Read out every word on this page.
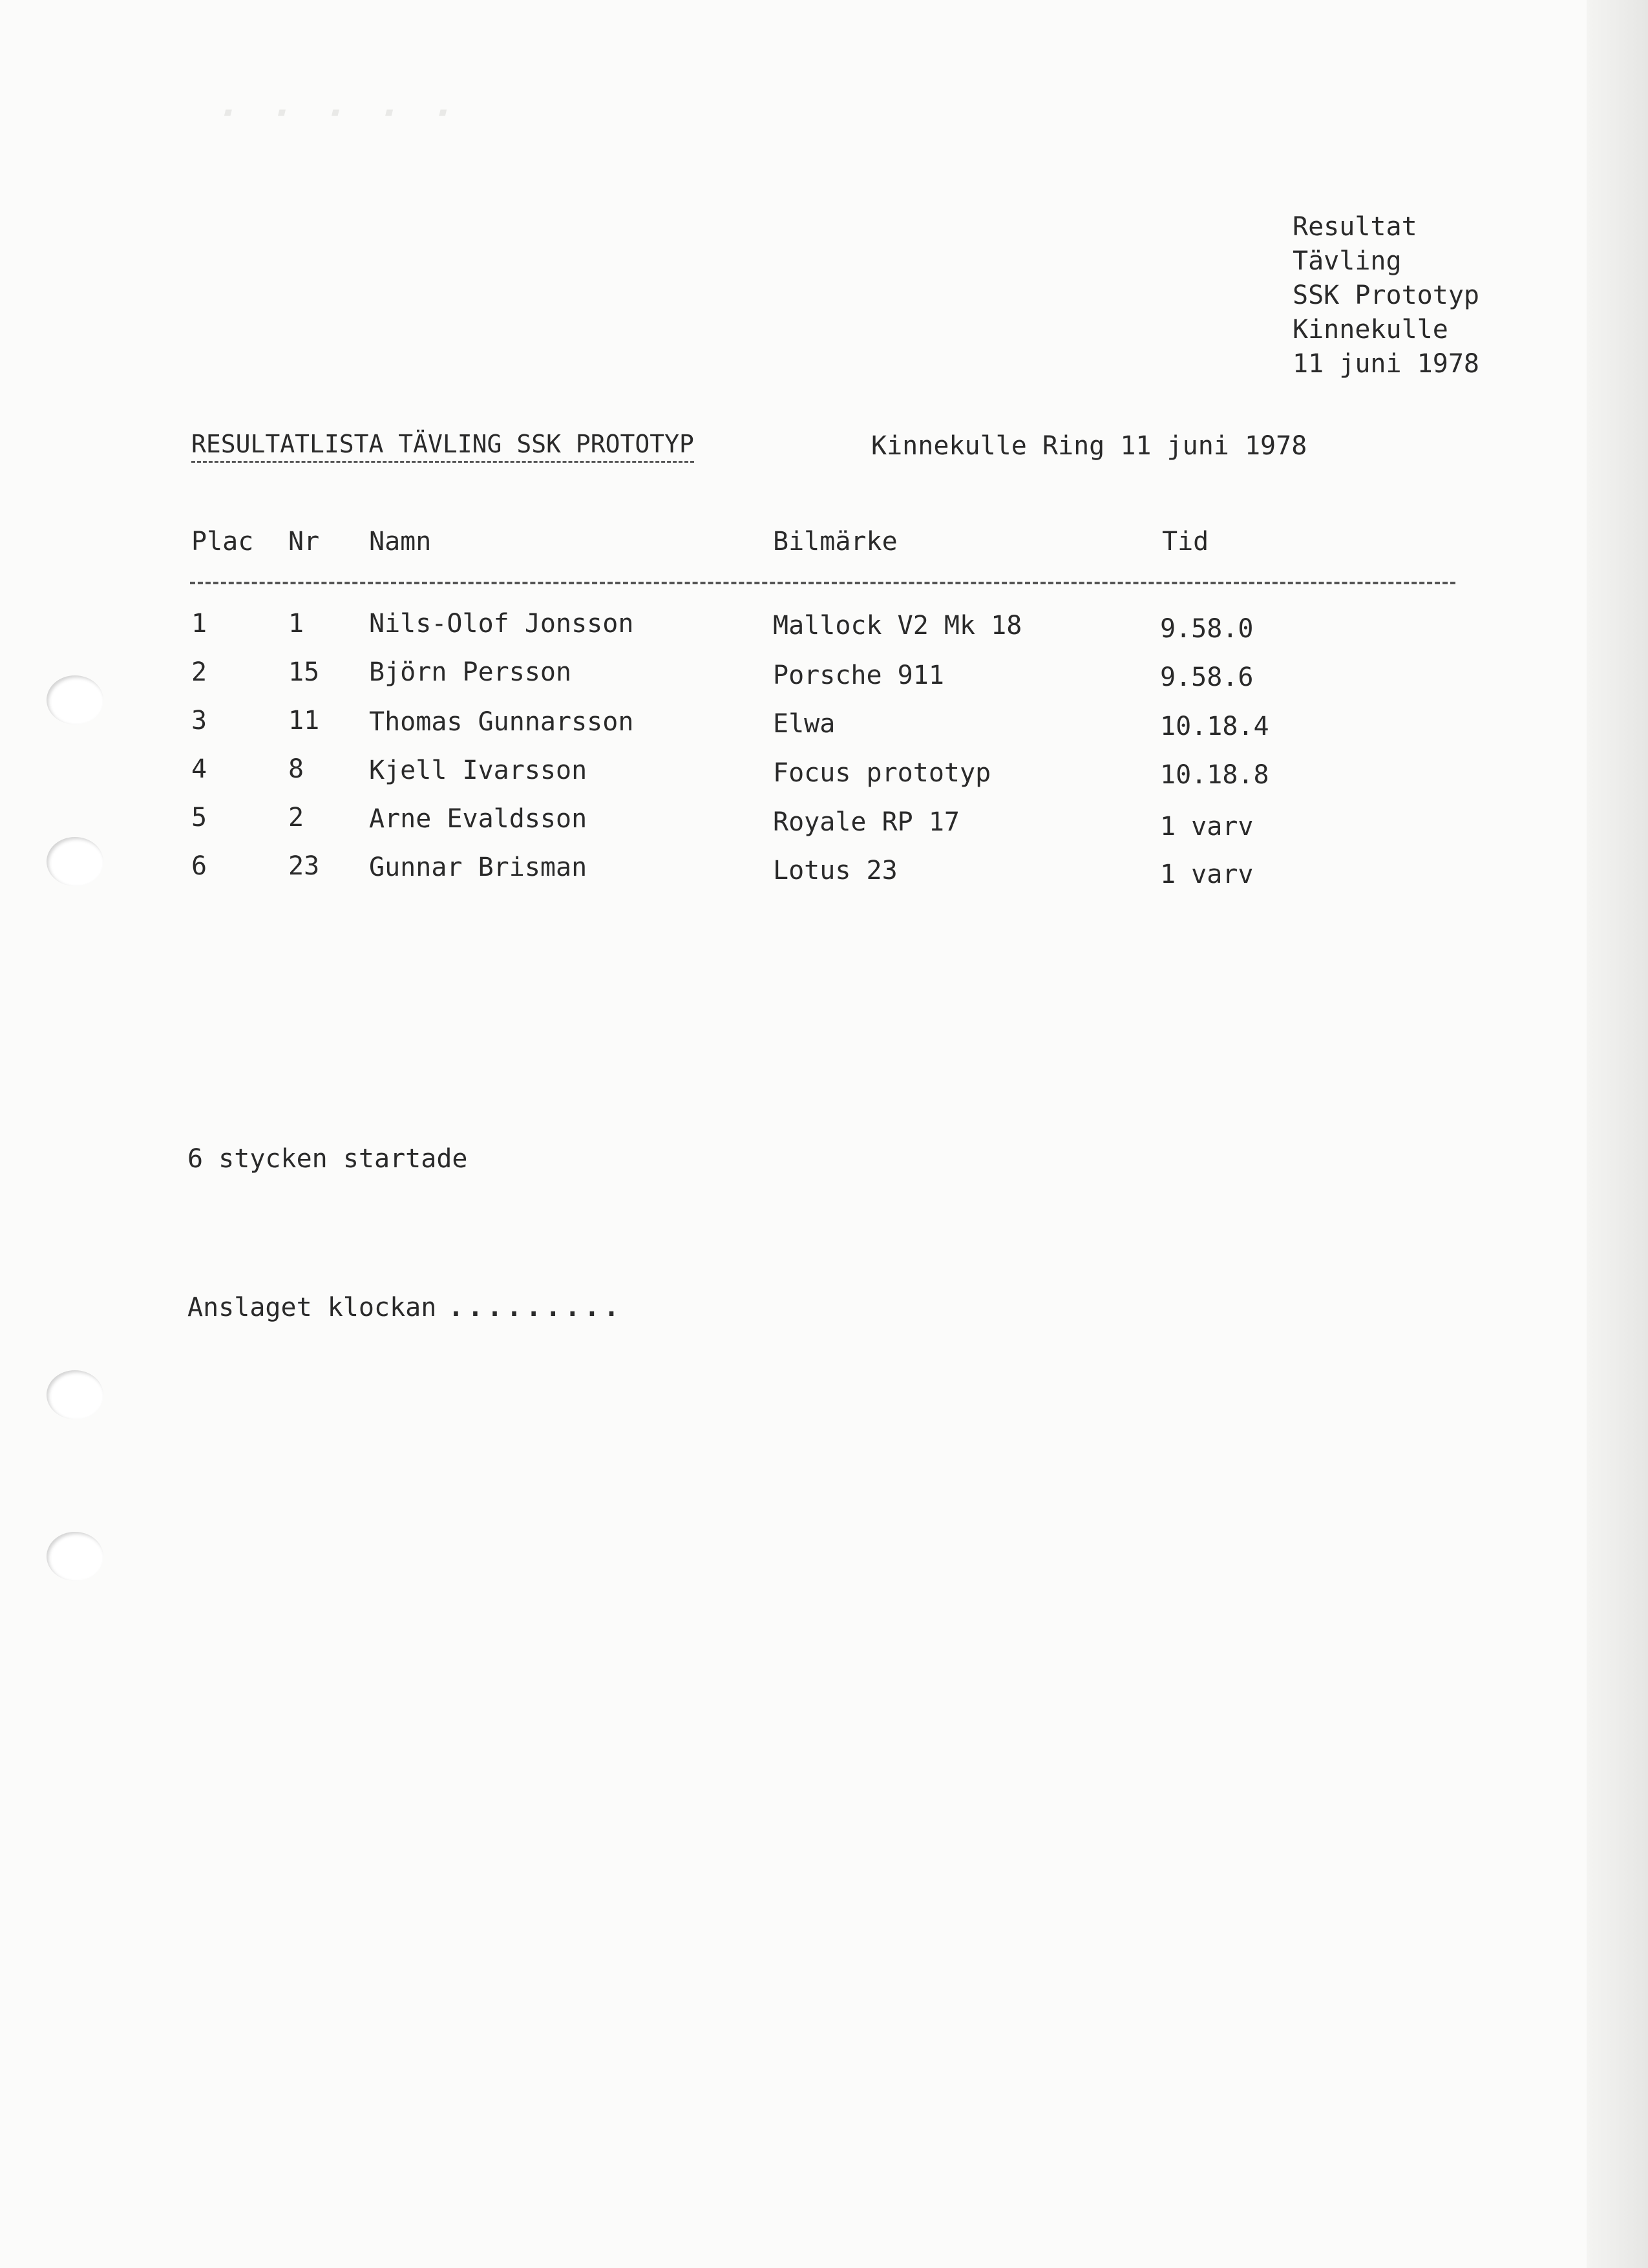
ᐧ ᐧ ᐧ ᐧ ᐧ
Resultat
Tävling
SSK Prototyp
Kinnekulle
11 juni 1978
RESULTATLISTA TÄVLING SSK PROTOTYP	Kinnekulle Ring 11 juni 1978
Plac Nr Namn	Bilmärke	Tid
1	1	Nils-Olof Jonsson	Mallock V2 Mk 18	9.58.0
2	15 Björn Persson	Porsche 911	9.58.6
3	11 Thomas Gunnarsson	Elwa	10.18.4
4	8	Kjell Ivarsson	Focus prototyp	10.18.8
5	2	Arne Evaldsson	Royale RP 17	1 varv
6	23 Gunnar Brisman	Lotus 23	1 varv
6 stycken startade
Anslaget klockan .........
